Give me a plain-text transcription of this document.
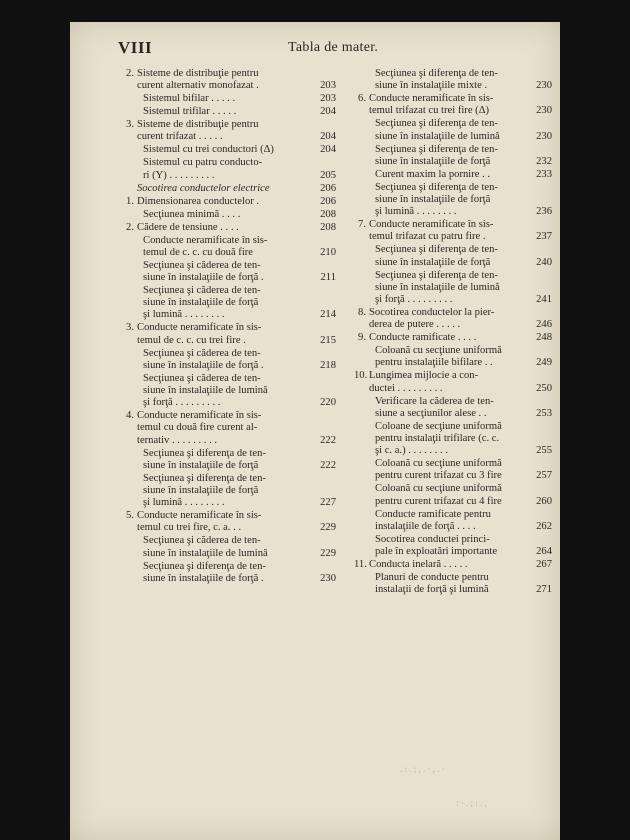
VIII	Tabla de mater.
2. Sisteme de distribuţie pentru
curent alternativ monofazat .	203
Sistemul bifilar . . . . .	203
Sistemul trifilar . . . . .	204
3. Sisteme de distribuţie pentru
curent trifazat . . . . .	204
Sistemul cu trei conductori (Δ)	204
Sistemul cu patru conducto-
ri (Y) . . . . . . . . .	205
Socotirea conductelor electrice	206
1. Dimensionarea conductelor .	206
Secţiunea minimă . . . .	208
2. Cădere de tensiune . . . .	208
Conducte neramificate în sis-
temul de c. c. cu două fire	210
Secţiunea şi căderea de ten-
siune în instalaţiile de forţă .	211
Secţiunea şi căderea de ten-
siune în instalaţiile de forţă
şi lumină . . . . . . . .	214
3. Conducte neramificate în sis-
temul de c. c. cu trei fire .	215
Secţiunea şi căderea de ten-
siune în instalaţiile de forţă .	218
Secţiunea şi căderea de ten-
siune în instalaţiile de lumină
şi forţă . . . . . . . . .	220
4. Conducte neramificate în sis-
temul cu două fire curent al-
ternativ . . . . . . . . .	222
Secţiunea şi diferenţa de ten-
siune în instalaţiile de forţă	222
Secţiunea şi diferenţa de ten-
siune în instalaţiile de forţă
şi lumină . . . . . . . .	227
5. Conducte neramificate în sis-
temul cu trei fire, c. a. . .	229
Secţiunea şi căderea de ten-
siune în instalaţiile de lumină	229
Secţiunea şi diferenţa de ten-
siune în instalaţiile de forţă .	230
Secţiunea şi diferenţa de ten-
siune în instalaţiile mixte .	230
6. Conducte neramificate în sis-
temul trifazat cu trei fire (Δ)	230
Secţiunea şi diferenţa de ten-
siune în instalaţiile de lumină	230
Secţiunea şi diferenţa de ten-
siune în instalaţiile de forţă	232
Curent maxim la pornire . .	233
Secţiunea şi diferenţa de ten-
siune în instalaţiile de forţă
şi lumină . . . . . . . .	236
7. Conducte neramificate în sis-
temul trifazat cu patru fire .	237
Secţiunea şi diferenţa de ten-
siune în instalaţiile de forţă	240
Secţiunea şi diferenţa de ten-
siune în instalaţiile de lumină
şi forţă . . . . . . . . .	241
8. Socotirea conductelor la pier-
derea de putere . . . . .	246
9. Conducte ramificate . . . .	248
Coloană cu secţiune uniformă
pentru instalaţiile bifilare . .	249
10. Lungimea mijlocie a con-
ductei . . . . . . . . .	250
Verificare la căderea de ten-
siune a secţiunilor alese . .	253
Coloane de secţiune uniformă
pentru instalaţii trifilare (c. c.
şi c. a.) . . . . . . . .	255
Coloană cu secţiune uniformă
pentru curent trifazat cu 3 fire	257
Coloană cu secţiune uniformă
pentru curent trifazat cu 4 fire	260
Conducte ramificate pentru
instalaţiile de forţă . . . .	262
Socotirea conductei princi-
pale în exploatări importante	264
11. Conducta inelară . . . . .	267
Planuri de conducte pentru
instalaţii de forţă şi lumină	271
. : . ; , . · , . ·
: · . ; : . ,
